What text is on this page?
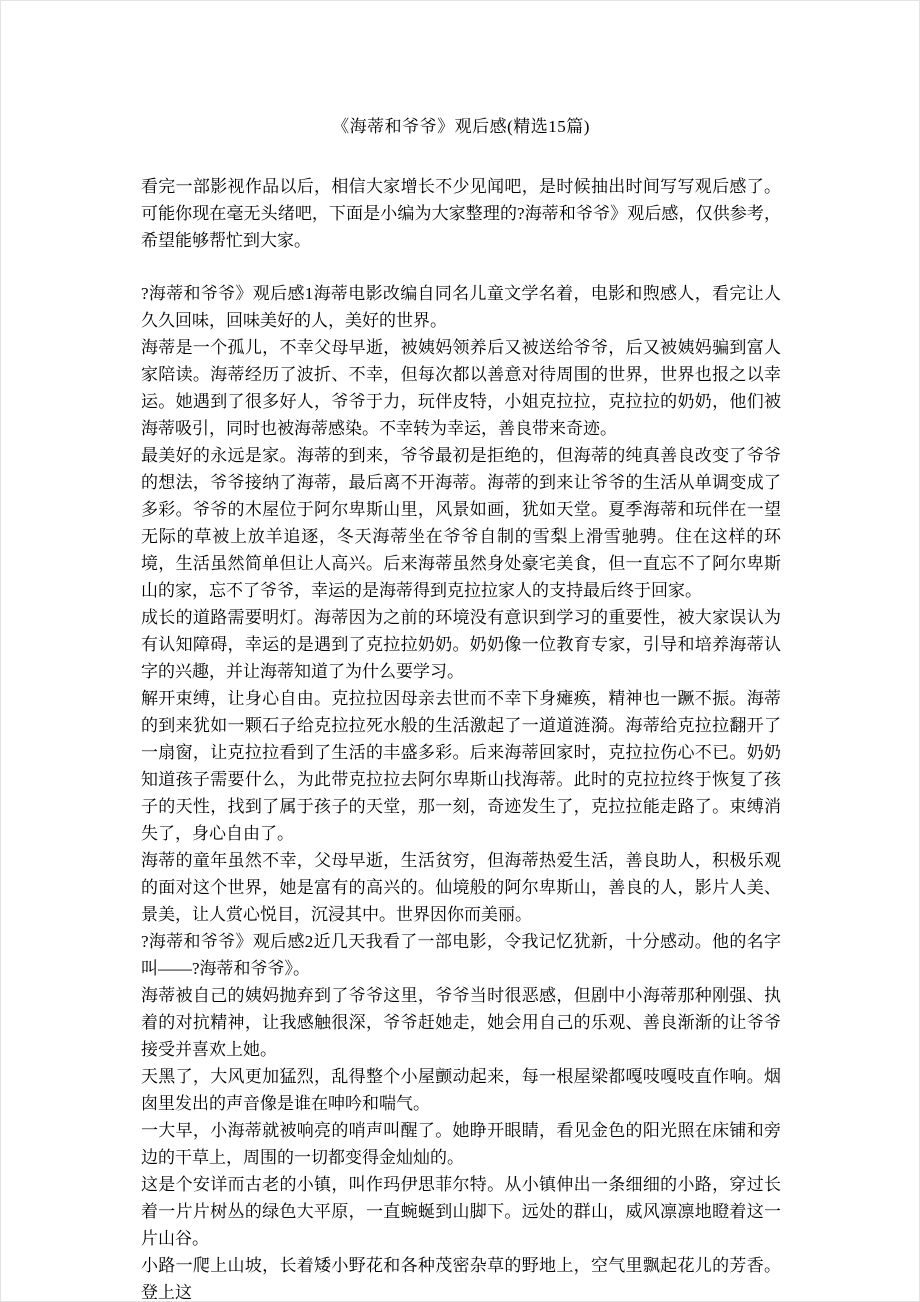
《海蒂和爷爷》观后感(精选15篇)

看完一部影视作品以后，相信大家增长不少见闻吧，是时候抽出时间写写观后感了。可能你现在毫无头绪吧，下面是小编为大家整理的?海蒂和爷爷》观后感，仅供参考，希望能够帮忙到大家。

?海蒂和爷爷》观后感1海蒂电影改编自同名儿童文学名着，电影和煦感人，看完让人久久回味，回味美好的人，美好的世界。

海蒂是一个孤儿，不幸父母早逝，被姨妈领养后又被送给爷爷，后又被姨妈骗到富人家陪读。海蒂经历了波折、不幸，但每次都以善意对待周围的世界，世界也报之以幸运。她遇到了很多好人，爷爷于力，玩伴皮特，小姐克拉拉，克拉拉的奶奶，他们被海蒂吸引，同时也被海蒂感染。不幸转为幸运，善良带来奇迹。

最美好的永远是家。海蒂的到来，爷爷最初是拒绝的，但海蒂的纯真善良改变了爷爷的想法，爷爷接纳了海蒂，最后离不开海蒂。海蒂的到来让爷爷的生活从单调变成了多彩。爷爷的木屋位于阿尔卑斯山里，风景如画，犹如天堂。夏季海蒂和玩伴在一望无际的草被上放羊追逐，冬天海蒂坐在爷爷自制的雪梨上滑雪驰骋。住在这样的环境，生活虽然简单但让人高兴。后来海蒂虽然身处豪宅美食，但一直忘不了阿尔卑斯山的家，忘不了爷爷，幸运的是海蒂得到克拉拉家人的支持最后终于回家。

成长的道路需要明灯。海蒂因为之前的环境没有意识到学习的重要性，被大家误认为有认知障碍，幸运的是遇到了克拉拉奶奶。奶奶像一位教育专家，引导和培养海蒂认字的兴趣，并让海蒂知道了为什么要学习。

解开束缚，让身心自由。克拉拉因母亲去世而不幸下身瘫痪，精神也一蹶不振。海蒂的到来犹如一颗石子给克拉拉死水般的生活激起了一道道涟漪。海蒂给克拉拉翻开了一扇窗，让克拉拉看到了生活的丰盛多彩。后来海蒂回家时，克拉拉伤心不已。奶奶知道孩子需要什么，为此带克拉拉去阿尔卑斯山找海蒂。此时的克拉拉终于恢复了孩子的天性，找到了属于孩子的天堂，那一刻，奇迹发生了，克拉拉能走路了。束缚消失了，身心自由了。

海蒂的童年虽然不幸，父母早逝，生活贫穷，但海蒂热爱生活，善良助人，积极乐观的面对这个世界，她是富有的高兴的。仙境般的阿尔卑斯山，善良的人，影片人美、景美，让人赏心悦目，沉浸其中。世界因你而美丽。

?海蒂和爷爷》观后感2近几天我看了一部电影，令我记忆犹新，十分感动。他的名字叫——?海蒂和爷爷》。

海蒂被自己的姨妈抛弃到了爷爷这里，爷爷当时很恶感，但剧中小海蒂那种刚强、执着的对抗精神，让我感触很深，爷爷赶她走，她会用自己的乐观、善良渐渐的让爷爷接受并喜欢上她。

天黑了，大风更加猛烈，乱得整个小屋颤动起来，每一根屋梁都嘎吱嘎吱直作响。烟囱里发出的声音像是谁在呻吟和喘气。

一大早，小海蒂就被响亮的哨声叫醒了。她睁开眼睛，看见金色的阳光照在床铺和旁边的干草上，周围的一切都变得金灿灿的。

这是个安详而古老的小镇，叫作玛伊思菲尔特。从小镇伸出一条细细的小路，穿过长着一片片树丛的绿色大平原，一直蜿蜒到山脚下。远处的群山，威风凛凛地瞪着这一片山谷。

小路一爬上山坡，长着矮小野花和各种茂密杂草的野地上，空气里飘起花儿的芳香。登上这
